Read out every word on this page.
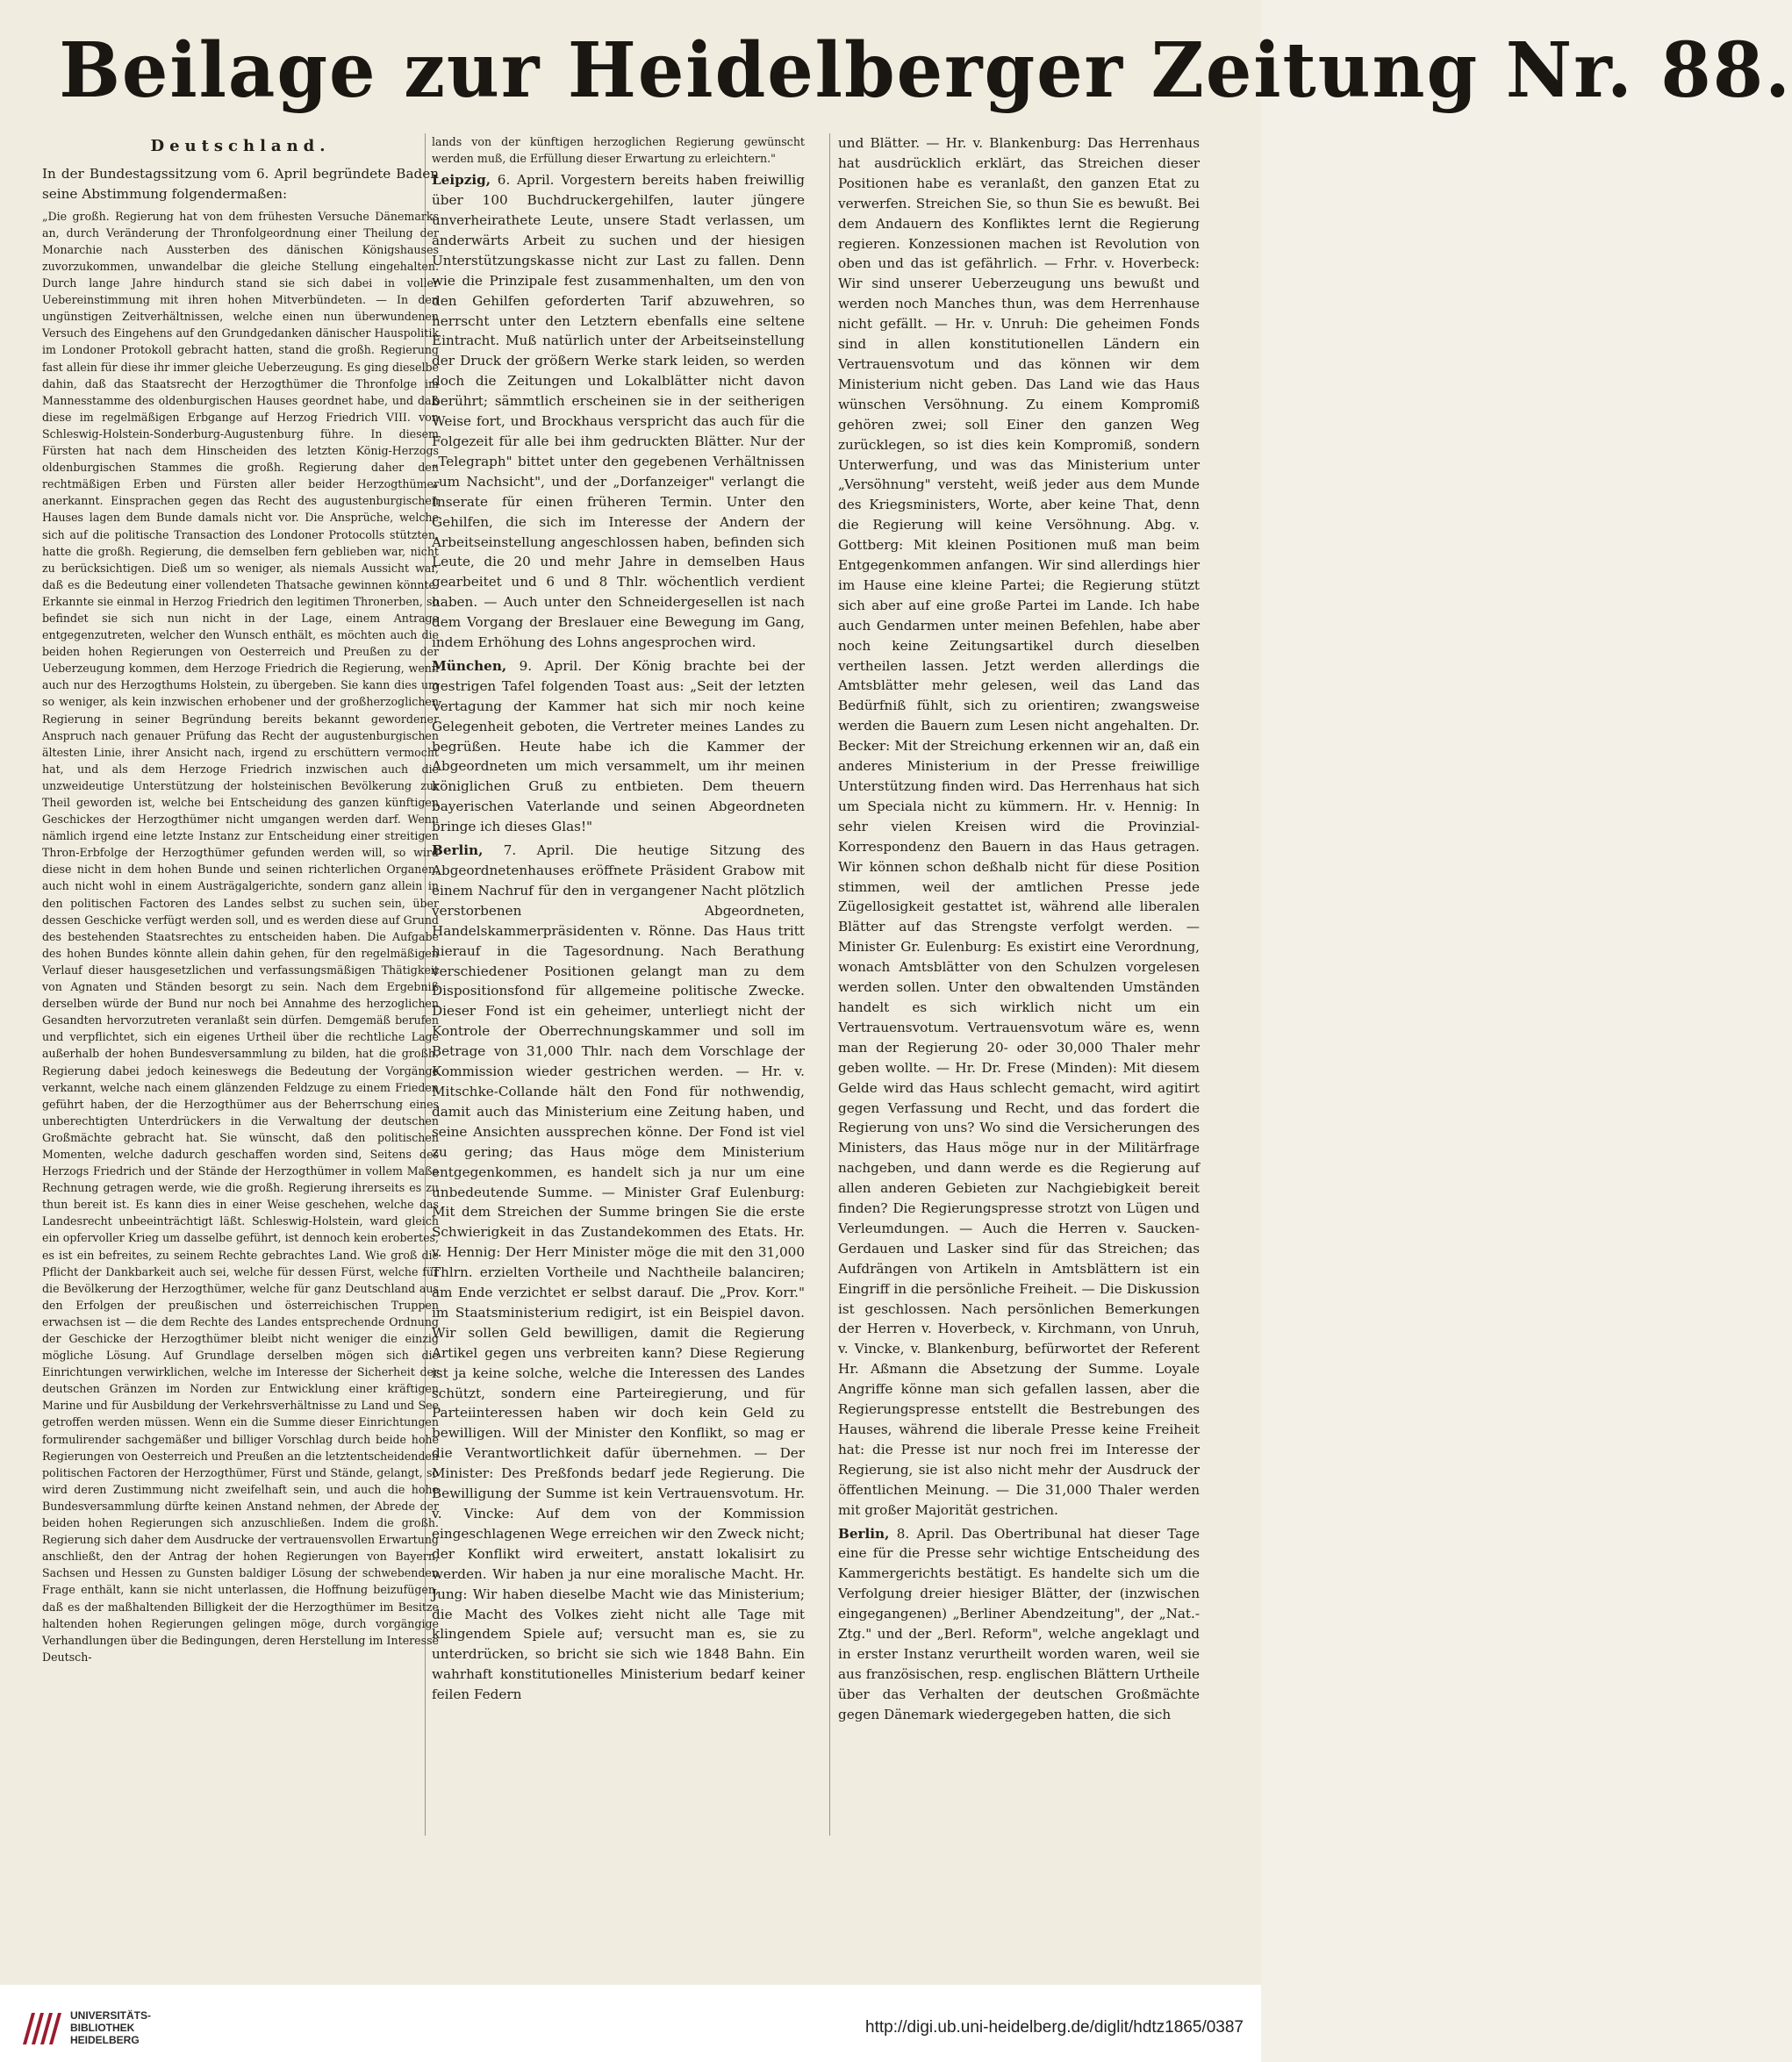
Beilage zur Heidelberger Zeitung Nr. 88.
Deutschland.

In der Bundestagssitzung vom 6. April begründete Baden seine Abstimmung folgendermaßen:

„Die großh. Regierung hat von dem frühesten Versuche Dänemarks an, durch Veränderung der Thronfolgeordnung einer Theilung der Monarchie nach Aussterben des dänischen Königshauses zuvorzukommen, unwandelbar die gleiche Stellung eingehalten. Durch lange Jahre hindurch stand sie sich dabei in voller Uebereinstimmung mit ihren hohen Mitverbündeten. — In den ungünstigen Zeitverhältnissen, welche einen nun überwundenen Versuch des Eingehens auf den Grundgedanken dänischer Hauspolitik im Londoner Protokoll gebracht hatten, stand die großh. Regierung fast allein für diese ihr immer gleiche Ueberzeugung. Es ging dieselbe dahin, daß das Staatsrecht der Herzogthümer die Thronfolge im Mannesstamme des oldenburgischen Hauses geordnet habe, und daß diese im regelmäßigen Erbgange auf Herzog Friedrich VIII. von Schleswig-Holstein-Sonderburg-Augustenburg führe. In diesem Fürsten hat nach dem Hinscheiden des letzten König-Herzogs oldenburgischen Stammes die großh. Regierung daher den rechtmäßigen Erben und Fürsten aller beider Herzogthümer anerkannt. Einsprachen gegen das Recht des augustenburgischen Hauses lagen dem Bunde damals nicht vor. Die Ansprüche, welche sich auf die politische Transaction des Londoner Protocolls stützten, hatte die großh. Regierung, die demselben fern geblieben war, nicht zu berücksichtigen. Dieß um so weniger, als niemals Aussicht war, daß es die Bedeutung einer vollendeten Thatsache gewinnen könnte. Erkannte sie einmal in Herzog Friedrich den legitimen Thronerben, so befindet sie sich nun nicht in der Lage, einem Antrage entgegenzutreten, welcher den Wunsch enthält, es möchten auch die beiden hohen Regierungen von Oesterreich und Preußen zu der Ueberzeugung kommen, dem Herzoge Friedrich die Regierung, wenn auch nur des Herzogthums Holstein, zu übergeben. Sie kann dies um so weniger, als kein inzwischen erhobener und der großherzoglichen Regierung in seiner Begründung bereits bekannt gewordener Anspruch nach genauer Prüfung das Recht der augustenburgischen ältesten Linie, ihrer Ansicht nach, irgend zu erschüttern vermocht hat, und als dem Herzoge Friedrich inzwischen auch die unzweideutige Unterstützung der holsteinischen Bevölkerung zur Theil geworden ist, welche bei Entscheidung des ganzen künftigen Geschickes der Herzogthümer nicht umgangen werden darf. Wenn nämlich irgend eine letzte Instanz zur Entscheidung einer streitigen Thron-Erbfolge der Herzogthümer gefunden werden will, so wird diese nicht in dem hohen Bunde und seinen richterlichen Organen, auch nicht wohl in einem Austrägalgerichte, sondern ganz allein in den politischen Factoren des Landes selbst zu suchen sein, über dessen Geschicke verfügt werden soll, und es werden diese auf Grund des bestehenden Staatsrechtes zu entscheiden haben. Die Aufgabe des hohen Bundes könnte allein dahin gehen, für den regelmäßigen Verlauf dieser hausgesetzlichen und verfassungsmäßigen Thätigkeit von Agnaten und Ständen besorgt zu sein. Nach dem Ergebniß derselben würde der Bund nur noch bei Annahme des herzoglichen Gesandten hervorzutreten veranlaßt sein dürfen. Demgemäß berufen und verpflichtet, sich ein eigenes Urtheil über die rechtliche Lage außerhalb der hohen Bundesversammlung zu bilden, hat die großh. Regierung dabei jedoch keineswegs die Bedeutung der Vorgänge verkannt, welche nach einem glänzenden Feldzuge zu einem Frieden geführt haben, der die Herzogthümer aus der Beherrschung eines unberechtigten Unterdrückers in die Verwaltung der deutschen Großmächte gebracht hat. Sie wünscht, daß den politischen Momenten, welche dadurch geschaffen worden sind, Seitens des Herzogs Friedrich und der Stände der Herzogthümer in vollem Maße Rechnung getragen werde, wie die großh. Regierung ihrerseits es zu thun bereit ist. Es kann dies in einer Weise geschehen, welche das Landesrecht unbeeinträchtigt läßt. Schleswig-Holstein, ward gleich ein opfervoller Krieg um dasselbe geführt, ist dennoch kein erobertes, es ist ein befreites, zu seinem Rechte gebrachtes Land. Wie groß die Pflicht der Dankbarkeit auch sei, welche für dessen Fürst, welche für die Bevölkerung der Herzogthümer, welche für ganz Deutschland aus den Erfolgen der preußischen und österreichischen Truppen erwachsen ist — die dem Rechte des Landes entsprechende Ordnung der Geschicke der Herzogthümer bleibt nicht weniger die einzig mögliche Lösung. Auf Grundlage derselben mögen sich die Einrichtungen verwirklichen, welche im Interesse der Sicherheit der deutschen Gränzen im Norden zur Entwicklung einer kräftigen Marine und für Ausbildung der Verkehrsverhältnisse zu Land und See getroffen werden müssen. Wenn ein die Summe dieser Einrichtungen formulirender sachgemäßer und billiger Vorschlag durch beide hohe Regierungen von Oesterreich und Preußen an die letztentscheidenden politischen Factoren der Herzogthümer, Fürst und Stände, gelangt, so wird deren Zustimmung nicht zweifelhaft sein, und auch die hohe Bundesversammlung dürfte keinen Anstand nehmen, der Abrede der beiden hohen Regierungen sich anzuschließen. Indem die großh. Regierung sich daher dem Ausdrucke der vertrauensvollen Erwartung anschließt, den der Antrag der hohen Regierungen von Bayern, Sachsen und Hessen zu Gunsten baldiger Lösung der schwebenden Frage enthält, kann sie nicht unterlassen, die Hoffnung beizufügen, daß es der maßhaltenden Billigkeit der die Herzogthümer im Besitze haltenden hohen Regierungen gelingen möge, durch vorgängige Verhandlungen über die Bedingungen, deren Herstellung im Interesse Deutsch-

lands von der künftigen herzoglichen Regierung gewünscht werden muß, die Erfüllung dieser Erwartung zu erleichtern."

Leipzig, 6. April. Vorgestern bereits haben freiwillig über 100 Buchdruckergehilfen, lauter jüngere unverheirathete Leute, unsere Stadt verlassen, um anderwärts Arbeit zu suchen und der hiesigen Unterstützungskasse nicht zur Last zu fallen. Denn wie die Prinzipale fest zusammenhalten, um den von den Gehilfen geforderten Tarif abzuwehren, so herrscht unter den Letztern ebenfalls eine seltene Eintracht. Muß natürlich unter der Arbeitseinstellung der Druck der größern Werke stark leiden, so werden doch die Zeitungen und Lokalblätter nicht davon berührt; sämmtlich erscheinen sie in der seitherigen Weise fort, und Brockhaus verspricht das auch für die Folgezeit für alle bei ihm gedruckten Blätter. Nur der „Telegraph" bittet unter den gegebenen Verhältnissen „um Nachsicht", und der „Dorfanzeiger" verlangt die Inserate für einen früheren Termin. Unter den Gehilfen, die sich im Interesse der Andern der Arbeitseinstellung angeschlossen haben, befinden sich Leute, die 20 und mehr Jahre in demselben Haus gearbeitet und 6 und 8 Thlr. wöchentlich verdient haben. — Auch unter den Schneidergesellen ist nach dem Vorgang der Breslauer eine Bewegung im Gang, indem Erhöhung des Lohns angesprochen wird.

München, 9. April. Der König brachte bei der gestrigen Tafel folgenden Toast aus: „Seit der letzten Vertagung der Kammer hat sich mir noch keine Gelegenheit geboten, die Vertreter meines Landes zu begrüßen. Heute habe ich die Kammer der Abgeordneten um mich versammelt, um ihr meinen königlichen Gruß zu entbieten. Dem theuern bayerischen Vaterlande und seinen Abgeordneten bringe ich dieses Glas!"

Berlin, 7. April. Die heutige Sitzung des Abgeordnetenhauses eröffnete Präsident Grabow mit einem Nachruf für den in vergangener Nacht plötzlich verstorbenen Abgeordneten, Handelskammerpräsidenten v. Rönne. Das Haus tritt hierauf in die Tagesordnung. Nach Berathung verschiedener Positionen gelangt man zu dem Dispositionsfond für allgemeine politische Zwecke. Dieser Fond ist ein geheimer, unterliegt nicht der Kontrole der Oberrechnungskammer und soll im Betrage von 31,000 Thlr. nach dem Vorschlage der Kommission wieder gestrichen werden. — Hr. v. Mitschke-Collande hält den Fond für nothwendig, damit auch das Ministerium eine Zeitung haben, und seine Ansichten aussprechen könne. Der Fond ist viel zu gering; das Haus möge dem Ministerium entgegenkommen, es handelt sich ja nur um eine unbedeutende Summe. — Minister Graf Eulenburg: Mit dem Streichen der Summe bringen Sie die erste Schwierigkeit in das Zustandekommen des Etats. Hr. v. Hennig: Der Herr Minister möge die mit den 31,000 Thlrn. erzielten Vortheile und Nachtheile balanciren; am Ende verzichtet er selbst darauf. Die „Prov. Korr." im Staatsministerium redigirt, ist ein Beispiel davon. Wir sollen Geld bewilligen, damit die Regierung Artikel gegen uns verbreiten kann? Diese Regierung ist ja keine solche, welche die Interessen des Landes schützt, sondern eine Parteiregierung, und für Parteiinteressen haben wir doch kein Geld zu bewilligen. Will der Minister den Konflikt, so mag er die Verantwortlichkeit dafür übernehmen. — Der Minister: Des Preßfonds bedarf jede Regierung. Die Bewilligung der Summe ist kein Vertrauensvotum. Hr. v. Vincke: Auf dem von der Kommission eingeschlagenen Wege erreichen wir den Zweck nicht; der Konflikt wird erweitert, anstatt lokalisirt zu werden. Wir haben ja nur eine moralische Macht. Hr. Jung: Wir haben dieselbe Macht wie das Ministerium; die Macht des Volkes zieht nicht alle Tage mit klingendem Spiele auf; versucht man es, sie zu unterdrücken, so bricht sie sich wie 1848 Bahn. Ein wahrhaft konstitutionelles Ministerium bedarf keiner feilen Federn

und Blätter. — Hr. v. Blankenburg: Das Herrenhaus hat ausdrücklich erklärt, das Streichen dieser Positionen habe es veranlaßt, den ganzen Etat zu verwerfen. Streichen Sie, so thun Sie es bewußt. Bei dem Andauern des Konfliktes lernt die Regierung regieren. Konzessionen machen ist Revolution von oben und das ist gefährlich. — Frhr. v. Hoverbeck: Wir sind unserer Ueberzeugung uns bewußt und werden noch Manches thun, was dem Herrenhause nicht gefällt. — Hr. v. Unruh: Die geheimen Fonds sind in allen konstitutionellen Ländern ein Vertrauensvotum und das können wir dem Ministerium nicht geben. Das Land wie das Haus wünschen Versöhnung. Zu einem Kompromiß gehören zwei; soll Einer den ganzen Weg zurücklegen, so ist dies kein Kompromiß, sondern Unterwerfung, und was das Ministerium unter „Versöhnung" versteht, weiß jeder aus dem Munde des Kriegsministers, Worte, aber keine That, denn die Regierung will keine Versöhnung. Abg. v. Gottberg: Mit kleinen Positionen muß man beim Entgegenkommen anfangen. Wir sind allerdings hier im Hause eine kleine Partei; die Regierung stützt sich aber auf eine große Partei im Lande. Ich habe auch Gendarmen unter meinen Befehlen, habe aber noch keine Zeitungsartikel durch dieselben vertheilen lassen. Jetzt werden allerdings die Amtsblätter mehr gelesen, weil das Land das Bedürfniß fühlt, sich zu orientiren; zwangsweise werden die Bauern zum Lesen nicht angehalten. Dr. Becker: Mit der Streichung erkennen wir an, daß ein anderes Ministerium in der Presse freiwillige Unterstützung finden wird. Das Herrenhaus hat sich um Speciala nicht zu kümmern. Hr. v. Hennig: In sehr vielen Kreisen wird die Provinzial-Korrespondenz den Bauern in das Haus getragen. Wir können schon deßhalb nicht für diese Position stimmen, weil der amtlichen Presse jede Zügellosigkeit gestattet ist, während alle liberalen Blätter auf das Strengste verfolgt werden. — Minister Gr. Eulenburg: Es existirt eine Verordnung, wonach Amtsblätter von den Schulzen vorgelesen werden sollen. Unter den obwaltenden Umständen handelt es sich wirklich nicht um ein Vertrauensvotum. Vertrauensvotum wäre es, wenn man der Regierung 20- oder 30,000 Thaler mehr geben wollte. — Hr. Dr. Frese (Minden): Mit diesem Gelde wird das Haus schlecht gemacht, wird agitirt gegen Verfassung und Recht, und das fordert die Regierung von uns? Wo sind die Versicherungen des Ministers, das Haus möge nur in der Militärfrage nachgeben, und dann werde es die Regierung auf allen anderen Gebieten zur Nachgiebigkeit bereit finden? Die Regierungspresse strotzt von Lügen und Verleumdungen. — Auch die Herren v. Saucken-Gerdauen und Lasker sind für das Streichen; das Aufdrängen von Artikeln in Amtsblättern ist ein Eingriff in die persönliche Freiheit. — Die Diskussion ist geschlossen. Nach persönlichen Bemerkungen der Herren v. Hoverbeck, v. Kirchmann, von Unruh, v. Vincke, v. Blankenburg, befürwortet der Referent Hr. Aßmann die Absetzung der Summe. Loyale Angriffe könne man sich gefallen lassen, aber die Regierungspresse entstellt die Bestrebungen des Hauses, während die liberale Presse keine Freiheit hat: die Presse ist nur noch frei im Interesse der Regierung, sie ist also nicht mehr der Ausdruck der öffentlichen Meinung. — Die 31,000 Thaler werden mit großer Majorität gestrichen.

Berlin, 8. April. Das Obertribunal hat dieser Tage eine für die Presse sehr wichtige Entscheidung des Kammergerichts bestätigt. Es handelte sich um die Verfolgung dreier hiesiger Blätter, der (inzwischen eingegangenen) „Berliner Abendzeitung", der „Nat.-Ztg." und der „Berl. Reform", welche angeklagt und in erster Instanz verurtheilt worden waren, weil sie aus französischen, resp. englischen Blättern Urtheile über das Verhalten der deutschen Großmächte gegen Dänemark wiedergegeben hatten, die sich

UNIVERSITÄTS-
BIBLIOTHEK
HEIDELBERG
http://digi.ub.uni-heidelberg.de/diglit/hdtz1865/0387
